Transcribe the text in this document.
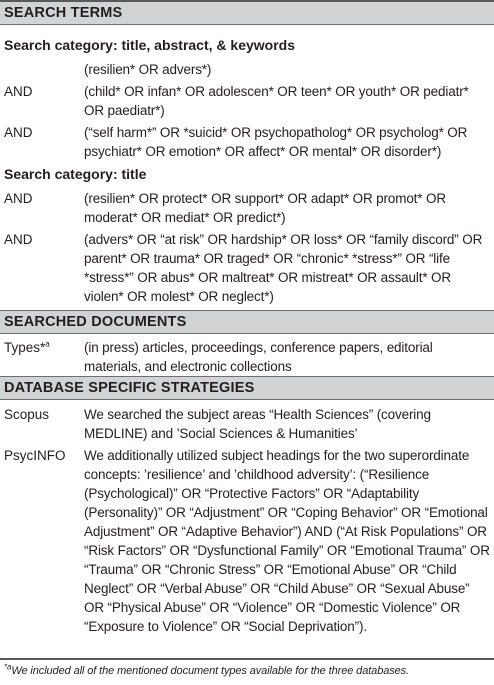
SEARCH TERMS
Search category: title, abstract, & keywords
(resilien* OR advers*)
AND	(child* OR infan* OR adolescen* OR teen* OR youth* OR pediatr* OR paediatr*)
AND	(“self harm*” OR *suicid* OR psychopatholog* OR psycholog* OR psychiatr* OR emotion* OR affect* OR mental* OR disorder*)
Search category: title
AND	(resilien* OR protect* OR support* OR adapt* OR promot* OR moderat* OR mediat* OR predict*)
AND	(advers* OR “at risk” OR hardship* OR loss* OR “family discord” OR parent* OR trauma* OR traged* OR “chronic* *stress*” OR “life *stress*” OR abus* OR maltreat* OR mistreat* OR assault* OR violen* OR molest* OR neglect*)
SEARCHED DOCUMENTS
Types*$^a$	(in press) articles, proceedings, conference papers, editorial materials, and electronic collections
DATABASE SPECIFIC STRATEGIES
Scopus	We searched the subject areas “Health Sciences” (covering MEDLINE) and ’Social Sciences & Humanities’
PsycINFO	We additionally utilized subject headings for the two superordinate concepts: ’resilience’ and ’childhood adversity’: (“Resilience (Psychological)” OR “Protective Factors” OR “Adaptability (Personality)” OR “Adjustment” OR “Coping Behavior” OR “Emotional Adjustment” OR “Adaptive Behavior”) AND (“At Risk Populations” OR “Risk Factors” OR “Dysfunctional Family” OR “Emotional Trauma” OR “Trauma” OR “Chronic Stress” OR “Emotional Abuse” OR “Child Neglect” OR “Verbal Abuse” OR “Child Abuse” OR “Sexual Abuse” OR “Physical Abuse” OR “Violence” OR “Domestic Violence” OR “Exposure to Violence” OR “Social Deprivation”).
$^{*a}$We included all of the mentioned document types available for the three databases.
